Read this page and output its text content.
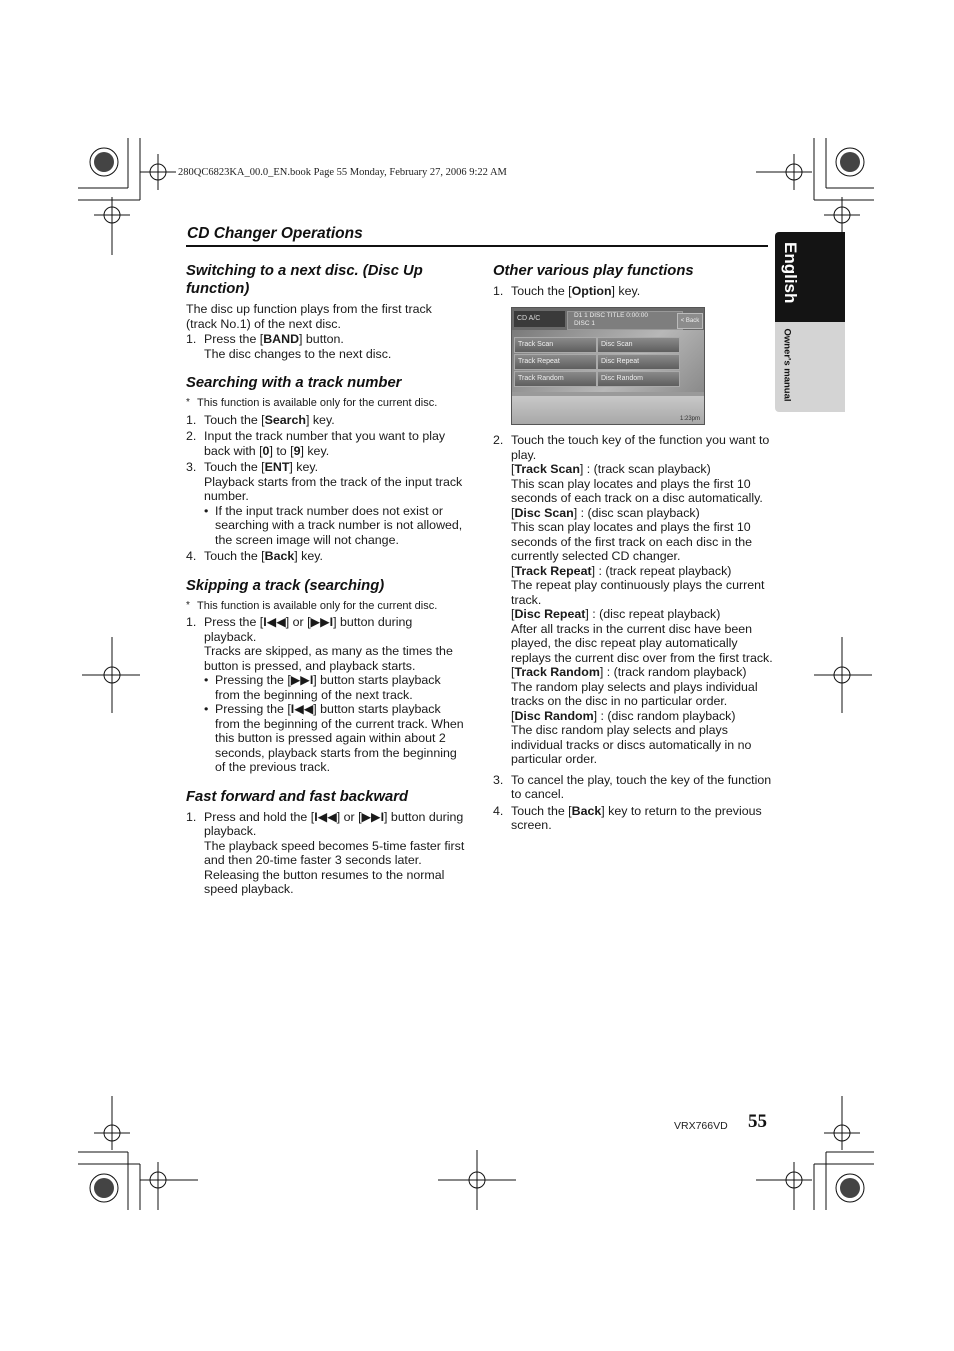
280QC6823KA_00.0_EN.book Page 55 Monday, February 27, 2006 9:22 AM
CD Changer Operations
English
Owner's manual
Switching to a next disc. (Disc Up function)

The disc up function plays from the first track (track No.1) of the next disc.

1. Press the [BAND] button.
The disc changes to the next disc.
Searching with a track number
* This function is available only for the current disc.
1. Touch the [Search] key.
2. Input the track number that you want to play back with [0] to [9] key.
3. Touch the [ENT] key.
Playback starts from the track of the input track number.
• If the input track number does not exist or searching with a track number is not allowed, the screen image will not change.
4. Touch the [Back] key.
Skipping a track (searching)
* This function is available only for the current disc.
1. Press the [I◀◀] or [▶▶I] button during playback.
Tracks are skipped, as many as the times the button is pressed, and playback starts.
• Pressing the [▶▶I] button starts playback from the beginning of the next track.
• Pressing the [I◀◀] button starts playback from the beginning of the current track. When this button is pressed again within about 2 seconds, playback starts from the beginning of the previous track.
Fast forward and fast backward
1. Press and hold the [I◀◀] or [▶▶I] button during playback.
The playback speed becomes 5-time faster first and then 20-time faster 3 seconds later. Releasing the button resumes to the normal speed playback.
Other various play functions
1. Touch the [Option] key.
CD A/C	D1 1 DISC TITLE 0:00:00
DISC 1	< Back
Track Scan	Disc Scan
Track Repeat	Disc Repeat
Track Random	Disc Random
1:23pm
2. Touch the touch key of the function you want to play.
[Track Scan] : (track scan playback)
This scan play locates and plays the first 10 seconds of each track on a disc automatically.
[Disc Scan] : (disc scan playback)
This scan play locates and plays the first 10 seconds of the first track on each disc in the currently selected CD changer.
[Track Repeat] : (track repeat playback)
The repeat play continuously plays the current track.
[Disc Repeat] : (disc repeat playback)
After all tracks in the current disc have been played, the disc repeat play automatically replays the current disc over from the first track.
[Track Random] : (track random playback)
The random play selects and plays individual tracks on the disc in no particular order.
[Disc Random] : (disc random playback)
The disc random play selects and plays individual tracks or discs automatically in no particular order.
3. To cancel the play, touch the key of the function to cancel.
4. Touch the [Back] key to return to the previous screen.
VRX766VD 55
